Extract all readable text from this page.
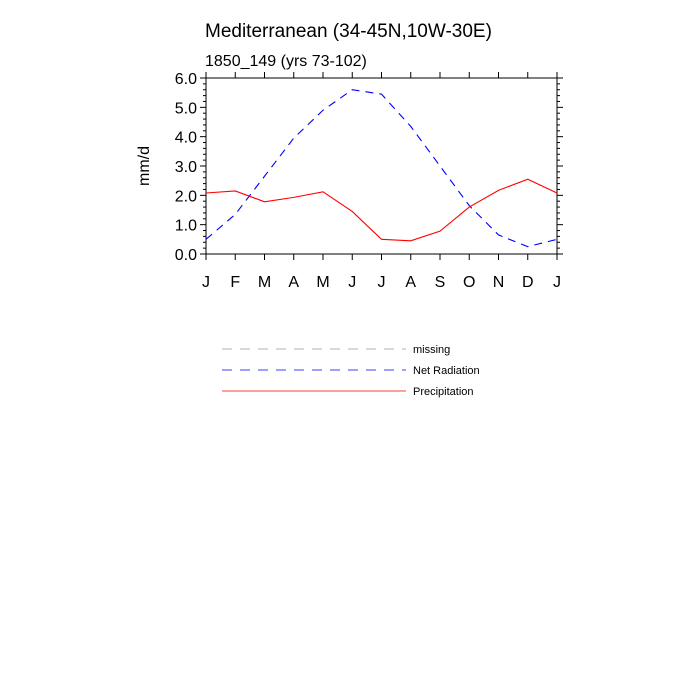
Mediterranean (34-45N,10W-30E)
1850_149 (yrs 73-102)
mm/d
0.0
1.0
2.0
3.0
4.0
5.0
6.0
J F M A M J J A S O N D J
missing
Net Radiation
Precipitation
